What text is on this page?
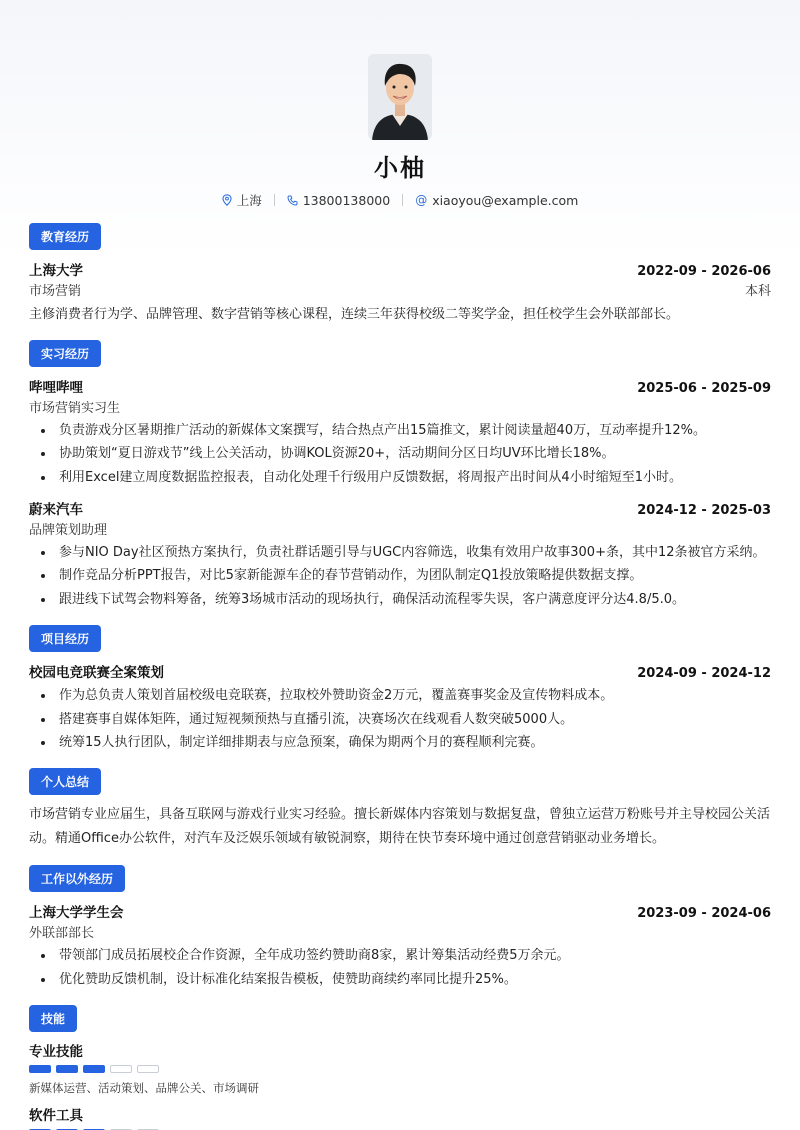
小柚
上海	13800138000 @ xiaoyou@example.com
教育经历
上海大学	2022-09 - 2026-06
市场营销	本科
主修消费者行为学、品牌管理、数字营销等核心课程，连续三年获得校级二等奖学金，担任校学生会外联部部长。
实习经历
哔哩哔哩	2025-06 - 2025-09
市场营销实习生
• 负责游戏分区暑期推广活动的新媒体文案撰写，结合热点产出15篇推文，累计阅读量超40万，互动率提升12%。
• 协助策划“夏日游戏节”线上公关活动，协调KOL资源20+，活动期间分区日均UV环比增长18%。
• 利用Excel建立周度数据监控报表，自动化处理千行级用户反馈数据，将周报产出时间从4小时缩短至1小时。
蔚来汽车	2024-12 - 2025-03
品牌策划助理
• 参与NIO Day社区预热方案执行，负责社群话题引导与UGC内容筛选，收集有效用户故事300+条，其中12条被官方采纳。
• 制作竞品分析PPT报告，对比5家新能源车企的春节营销动作，为团队制定Q1投放策略提供数据支撑。
• 跟进线下试驾会物料筹备，统筹3场城市活动的现场执行，确保活动流程零失误，客户满意度评分达4.8/5.0。
项目经历
校园电竞联赛全案策划	2024-09 - 2024-12
• 作为总负责人策划首届校级电竞联赛，拉取校外赞助资金2万元，覆盖赛事奖金及宣传物料成本。
• 搭建赛事自媒体矩阵，通过短视频预热与直播引流，决赛场次在线观看人数突破5000人。
• 统筹15人执行团队，制定详细排期表与应急预案，确保为期两个月的赛程顺利完赛。
个人总结
市场营销专业应届生，具备互联网与游戏行业实习经验。擅长新媒体内容策划与数据复盘，曾独立运营万粉账号并主导校园公关活动。精通Office办公软件，对汽车及泛娱乐领域有敏锐洞察，期待在快节奏环境中通过创意营销驱动业务增长。
工作以外经历
上海大学学生会	2023-09 - 2024-06
外联部部长
• 带领部门成员拓展校企合作资源，全年成功签约赞助商8家，累计筹集活动经费5万余元。
• 优化赞助反馈机制，设计标准化结案报告模板，使赞助商续约率同比提升25%。
技能
专业技能
新媒体运营、活动策划、品牌公关、市场调研
软件工具
